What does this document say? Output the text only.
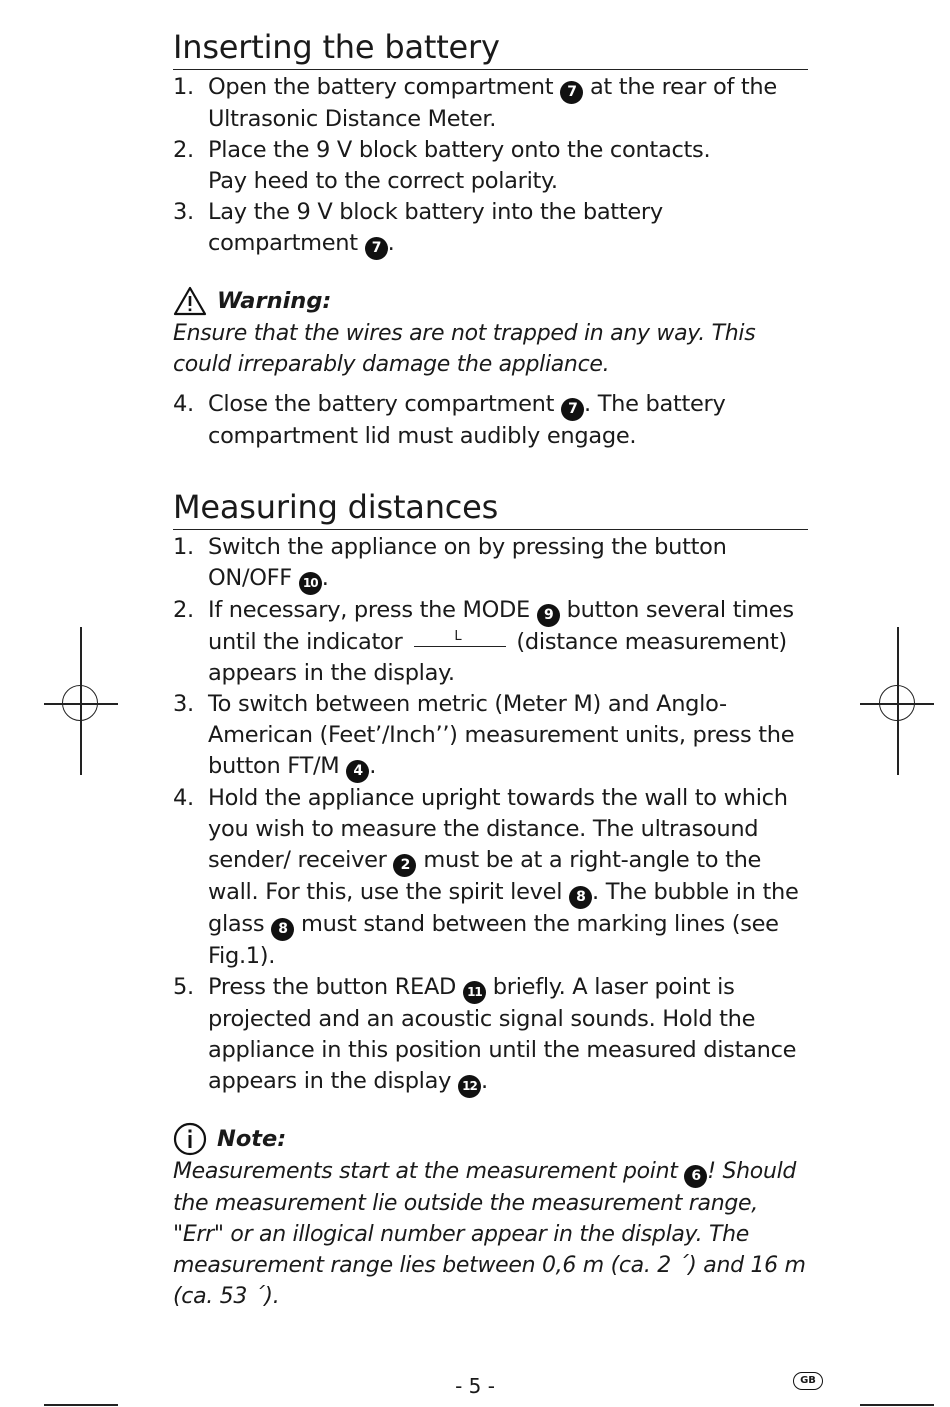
Inserting the battery
1. Open the battery compartment 7 at the rear of the Ultrasonic Distance Meter.
2. Place the 9 V block battery onto the contacts.
Pay heed to the correct polarity.
3. Lay the 9 V block battery into the battery compartment 7 .
Warning:
Ensure that the wires are not trapped in any way. This could irreparably damage the appliance.
4. Close the battery compartment 7 . The battery compartment lid must audibly engage.
Measuring distances
1. Switch the appliance on by pressing the button ON/OFF 10 .
2. If necessary, press the MODE 9 button several times until the indicator	L (distance measurement) appears in the display.
3. To switch between metric (Meter M) and Anglo-American (Feet’/Inch’’) measurement units, press the button FT/M 4 .
4. Hold the appliance upright towards the wall to which you wish to measure the distance. The ultrasound sender/ receiver 2 must be at a right-angle to the wall. For this, use the spirit level 8 . The bubble in the glass 8 must stand between the marking lines (see Fig.1).
5. Press the button READ 11 briefly. A laser point is projected and an acoustic signal sounds. Hold the appliance in this position until the measured distance appears in the display 12 .
Note:
Measurements start at the measurement point 6 ! Should the measurement lie outside the measurement range, "Err" or an illogical number appear in the display. The measurement range lies between 0,6 m (ca. 2 ´) and 16 m (ca. 53 ´).
- 5 -	GB
